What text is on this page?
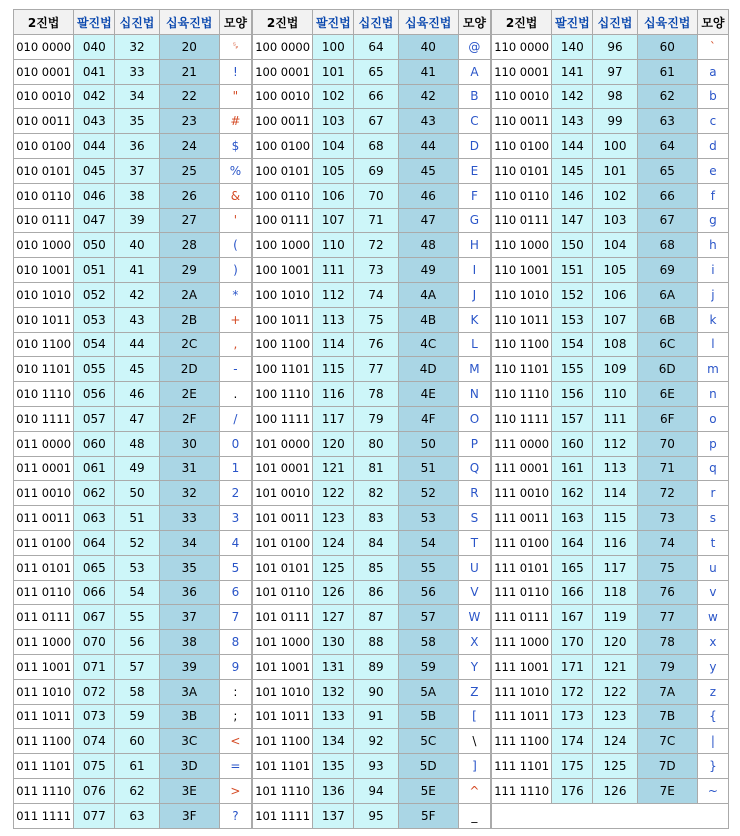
2진법	팔진법	십진법	십육진법	모양
010 0000	040	32	20	␠
010 0001	041	33	21	!
010 0010	042	34	22	"
010 0011	043	35	23	#
010 0100	044	36	24	$
010 0101	045	37	25	%
010 0110	046	38	26	&
010 0111	047	39	27	'
010 1000	050	40	28	(
010 1001	051	41	29	)
010 1010	052	42	2A	*
010 1011	053	43	2B	+
010 1100	054	44	2C	,
010 1101	055	45	2D	-
010 1110	056	46	2E	.
010 1111	057	47	2F	/
011 0000	060	48	30	0
011 0001	061	49	31	1
011 0010	062	50	32	2
011 0011	063	51	33	3
011 0100	064	52	34	4
011 0101	065	53	35	5
011 0110	066	54	36	6
011 0111	067	55	37	7
011 1000	070	56	38	8
011 1001	071	57	39	9
011 1010	072	58	3A	:
011 1011	073	59	3B	;
011 1100	074	60	3C	<
011 1101	075	61	3D	=
011 1110	076	62	3E	>
011 1111	077	63	3F	?
2진법	팔진법	십진법	십육진법	모양
100 0000	100	64	40	@
100 0001	101	65	41	A
100 0010	102	66	42	B
100 0011	103	67	43	C
100 0100	104	68	44	D
100 0101	105	69	45	E
100 0110	106	70	46	F
100 0111	107	71	47	G
100 1000	110	72	48	H
100 1001	111	73	49	I
100 1010	112	74	4A	J
100 1011	113	75	4B	K
100 1100	114	76	4C	L
100 1101	115	77	4D	M
100 1110	116	78	4E	N
100 1111	117	79	4F	O
101 0000	120	80	50	P
101 0001	121	81	51	Q
101 0010	122	82	52	R
101 0011	123	83	53	S
101 0100	124	84	54	T
101 0101	125	85	55	U
101 0110	126	86	56	V
101 0111	127	87	57	W
101 1000	130	88	58	X
101 1001	131	89	59	Y
101 1010	132	90	5A	Z
101 1011	133	91	5B	[
101 1100	134	92	5C	\
101 1101	135	93	5D	]
101 1110	136	94	5E	^
101 1111	137	95	5F	_
2진법	팔진법	십진법	십육진법	모양
110 0000	140	96	60	`
110 0001	141	97	61	a
110 0010	142	98	62	b
110 0011	143	99	63	c
110 0100	144	100	64	d
110 0101	145	101	65	e
110 0110	146	102	66	f
110 0111	147	103	67	g
110 1000	150	104	68	h
110 1001	151	105	69	i
110 1010	152	106	6A	j
110 1011	153	107	6B	k
110 1100	154	108	6C	l
110 1101	155	109	6D	m
110 1110	156	110	6E	n
110 1111	157	111	6F	o
111 0000	160	112	70	p
111 0001	161	113	71	q
111 0010	162	114	72	r
111 0011	163	115	73	s
111 0100	164	116	74	t
111 0101	165	117	75	u
111 0110	166	118	76	v
111 0111	167	119	77	w
111 1000	170	120	78	x
111 1001	171	121	79	y
111 1010	172	122	7A	z
111 1011	173	123	7B	{
111 1100	174	124	7C	|
111 1101	175	125	7D	}
111 1110	176	126	7E	~
